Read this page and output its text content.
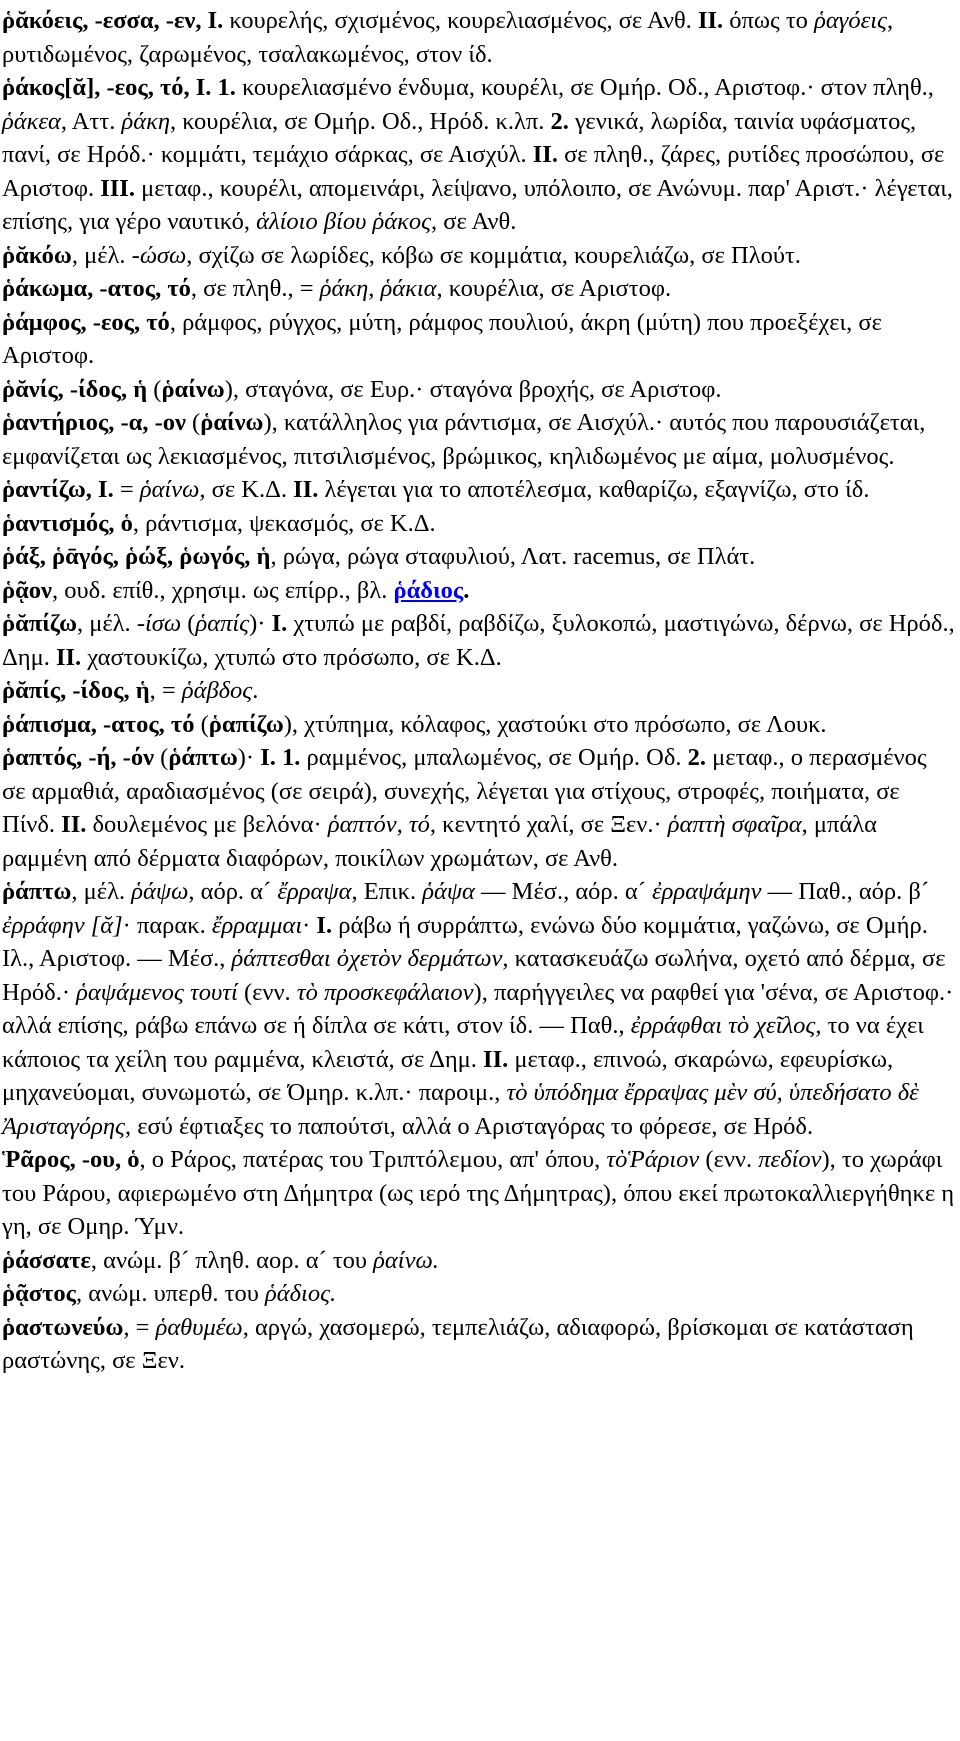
ῥᾰκόεις, -εσσα, -εν, I. κουρελής, σχισμένος, κουρελιασμένος, σε Ανθ. II. όπως το ῥαγόεις, ρυτιδωμένος, ζαρωμένος, τσαλακωμένος, στον ίδ.

ῥάκος[ᾰ], -εος, τό, I. 1. κουρελιασμένο ένδυμα, κουρέλι, σε Ομήρ. Οδ., Αριστοφ.· στον πληθ., ῥάκεα, Αττ. ῥάκη, κουρέλια, σε Ομήρ. Οδ., Ηρόδ. κ.λπ. 2. γενικά, λωρίδα, ταινία υφάσματος, πανί, σε Ηρόδ.· κομμάτι, τεμάχιο σάρκας, σε Αισχύλ. II. σε πληθ., ζάρες, ρυτίδες προσώπου, σε Αριστοφ. III. μεταφ., κουρέλι, απομεινάρι, λείψανο, υπόλοιπο, σε Ανώνυμ. παρ' Αριστ.· λέγεται, επίσης, για γέρο ναυτικό, ἁλίοιο βίου ῥάκος, σε Ανθ.

ῥᾰκόω, μέλ. -ώσω, σχίζω σε λωρίδες, κόβω σε κομμάτια, κουρελιάζω, σε Πλούτ.

ῥάκωμα, -ατος, τό, σε πληθ., = ῥάκη, ῥάκια, κουρέλια, σε Αριστοφ.

ῥάμφος, -εος, τό, ράμφος, ρύγχος, μύτη, ράμφος πουλιού, άκρη (μύτη) που προεξέχει, σε Αριστοφ.

ῥᾰνίς, -ίδος, ἡ (ῥαίνω), σταγόνα, σε Ευρ.· σταγόνα βροχής, σε Αριστοφ.

ῥαντήριος, -α, -ον (ῥαίνω), κατάλληλος για ράντισμα, σε Αισχύλ.· αυτός που παρουσιάζεται, εμφανίζεται ως λεκιασμένος, πιτσιλισμένος, βρώμικος, κηλιδωμένος με αίμα, μολυσμένος.

ῥαντίζω, I. = ῥαίνω, σε Κ.Δ. II. λέγεται για το αποτέλεσμα, καθαρίζω, εξαγνίζω, στο ίδ.

ῥαντισμός, ὁ, ράντισμα, ψεκασμός, σε Κ.Δ.

ῥάξ, ῥᾱγός, ῥώξ, ῥωγός, ἡ, ρώγα, ρώγα σταφυλιού, Λατ. racemus, σε Πλάτ.

ῥᾷον, ουδ. επίθ., χρησιμ. ως επίρρ., βλ. ῥάδιος.

ῥᾰπίζω, μέλ. -ίσω (ῥαπίς)· I. χτυπώ με ραβδί, ραβδίζω, ξυλοκοπώ, μαστιγώνω, δέρνω, σε Ηρόδ., Δημ. II. χαστουκίζω, χτυπώ στο πρόσωπο, σε Κ.Δ.

ῥᾰπίς, -ίδος, ἡ, = ῥάβδος.

ῥάπισμα, -ατος, τό (ῥαπίζω), χτύπημα, κόλαφος, χαστούκι στο πρόσωπο, σε Λουκ.

ῥαπτός, -ή, -όν (ῥάπτω)· I. 1. ραμμένος, μπαλωμένος, σε Ομήρ. Οδ. 2. μεταφ., ο περασμένος σε αρμαθιά, αραδιασμένος (σε σειρά), συνεχής, λέγεται για στίχους, στροφές, ποιήματα, σε Πίνδ. II. δουλεμένος με βελόνα· ῥαπτόν, τό, κεντητό χαλί, σε Ξεν.· ῥαπτὴ σφαῖρα, μπάλα ραμμένη από δέρματα διαφόρων, ποικίλων χρωμάτων, σε Ανθ.

ῥάπτω, μέλ. ῥάψω, αόρ. α´ ἔρραψα, Επικ. ῥάψα — Μέσ., αόρ. α´ ἐρραψάμην — Παθ., αόρ. β´ ἐρράφην [ᾰ]· παρακ. ἔρραμμαι· I. ράβω ή συρράπτω, ενώνω δύο κομμάτια, γαζώνω, σε Ομήρ. Ιλ., Αριστοφ. — Μέσ., ῥάπτεσθαι ὀχετὸν δερμάτων, κατασκευάζω σωλήνα, οχετό από δέρμα, σε Ηρόδ.· ῥαψάμενος τουτί (ενν. τὸ προσκεφάλαιον), παρήγγειλες να ραφθεί για 'σένα, σε Αριστοφ.· αλλά επίσης, ράβω επάνω σε ή δίπλα σε κάτι, στον ίδ. — Παθ., ἐρράφθαι τὸ χεῖλος, το να έχει κάποιος τα χείλη του ραμμένα, κλειστά, σε Δημ. II. μεταφ., επινοώ, σκαρώνω, εφευρίσκω, μηχανεύομαι, συνωμοτώ, σε Όμηρ. κ.λπ.· παροιμ., τὸ ὑπόδημα ἔρραψας μὲν σύ, ὑπεδήσατο δὲ Ἀρισταγόρης, εσύ έφτιαξες το παπούτσι, αλλά ο Αρισταγόρας το φόρεσε, σε Ηρόδ.

Ῥᾶρος, -ου, ὁ, ο Ράρος, πατέρας του Τριπτόλεμου, απ' όπου, τὸῬάριον (ενν. πεδίον), το χωράφι του Ράρου, αφιερωμένο στη Δήμητρα (ως ιερό της Δήμητρας), όπου εκεί πρωτοκαλλιεργήθηκε η γη, σε Ομηρ. Ύμν.

ῥάσσατε, ανώμ. β´ πληθ. αορ. α´ του ῥαίνω.

ῥᾷστος, ανώμ. υπερθ. του ῥάδιος.

ῥαστωνεύω, = ῥαθυμέω, αργώ, χασομερώ, τεμπελιάζω, αδιαφορώ, βρίσκομαι σε κατάσταση ραστώνης, σε Ξεν.
